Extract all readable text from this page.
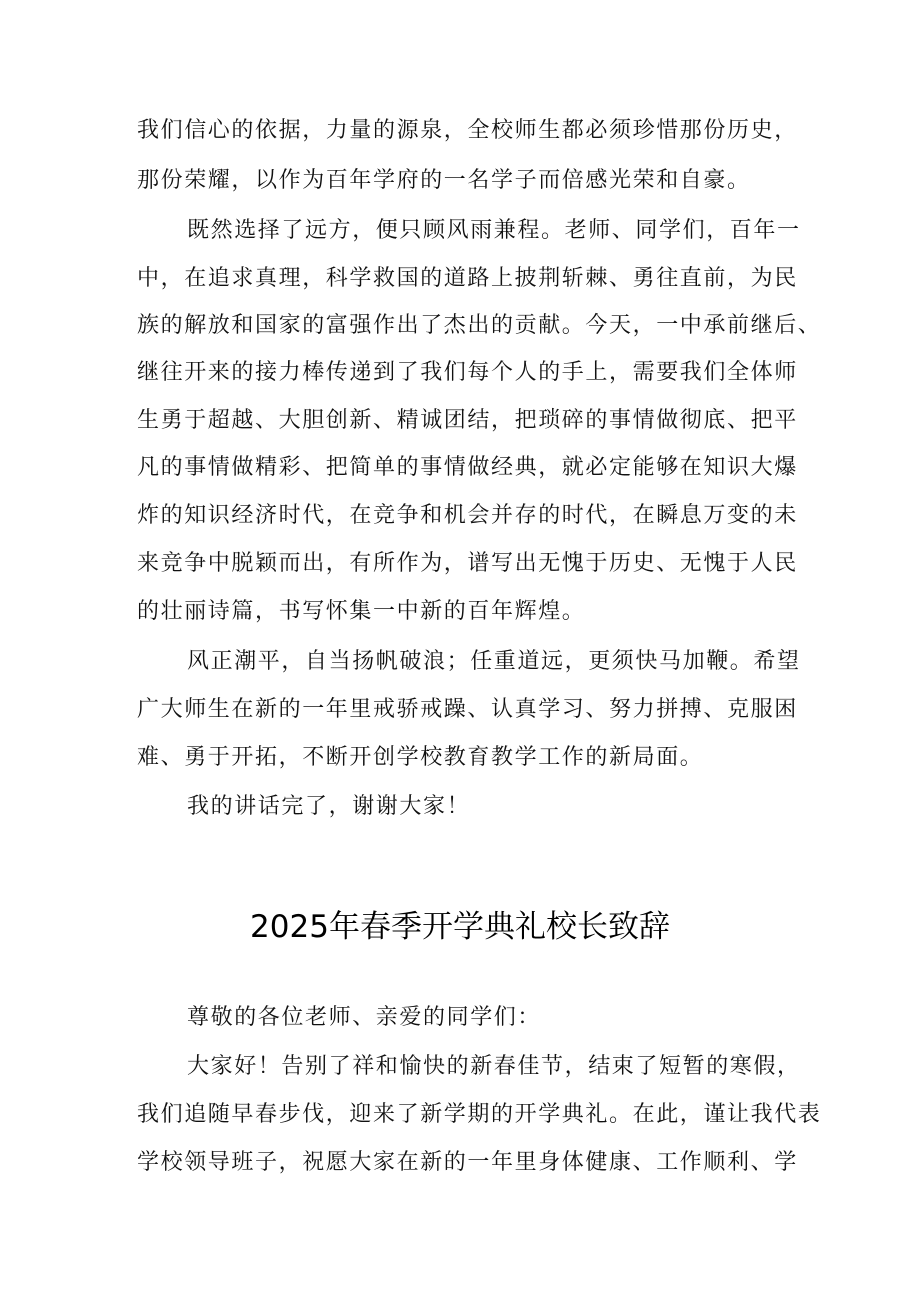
我们信心的依据，力量的源泉，全校师生都必须珍惜那份历史，
那份荣耀，以作为百年学府的一名学子而倍感光荣和自豪。
既然选择了远方，便只顾风雨兼程。老师、同学们，百年一
中，在追求真理，科学救国的道路上披荆斩棘、勇往直前，为民
族的解放和国家的富强作出了杰出的贡献。今天，一中承前继后、
继往开来的接力棒传递到了我们每个人的手上，需要我们全体师
生勇于超越、大胆创新、精诚团结，把琐碎的事情做彻底、把平
凡的事情做精彩、把简单的事情做经典，就必定能够在知识大爆
炸的知识经济时代，在竞争和机会并存的时代，在瞬息万变的未
来竞争中脱颖而出，有所作为，谱写出无愧于历史、无愧于人民
的壮丽诗篇，书写怀集一中新的百年辉煌。
风正潮平，自当扬帆破浪；任重道远，更须快马加鞭。希望
广大师生在新的一年里戒骄戒躁、认真学习、努力拼搏、克服困
难、勇于开拓，不断开创学校教育教学工作的新局面。
我的讲话完了，谢谢大家！
2025年春季开学典礼校长致辞
尊敬的各位老师、亲爱的同学们：
大家好！告别了祥和愉快的新春佳节，结束了短暂的寒假，
我们追随早春步伐，迎来了新学期的开学典礼。在此，谨让我代表
学校领导班子，祝愿大家在新的一年里身体健康、工作顺利、学
